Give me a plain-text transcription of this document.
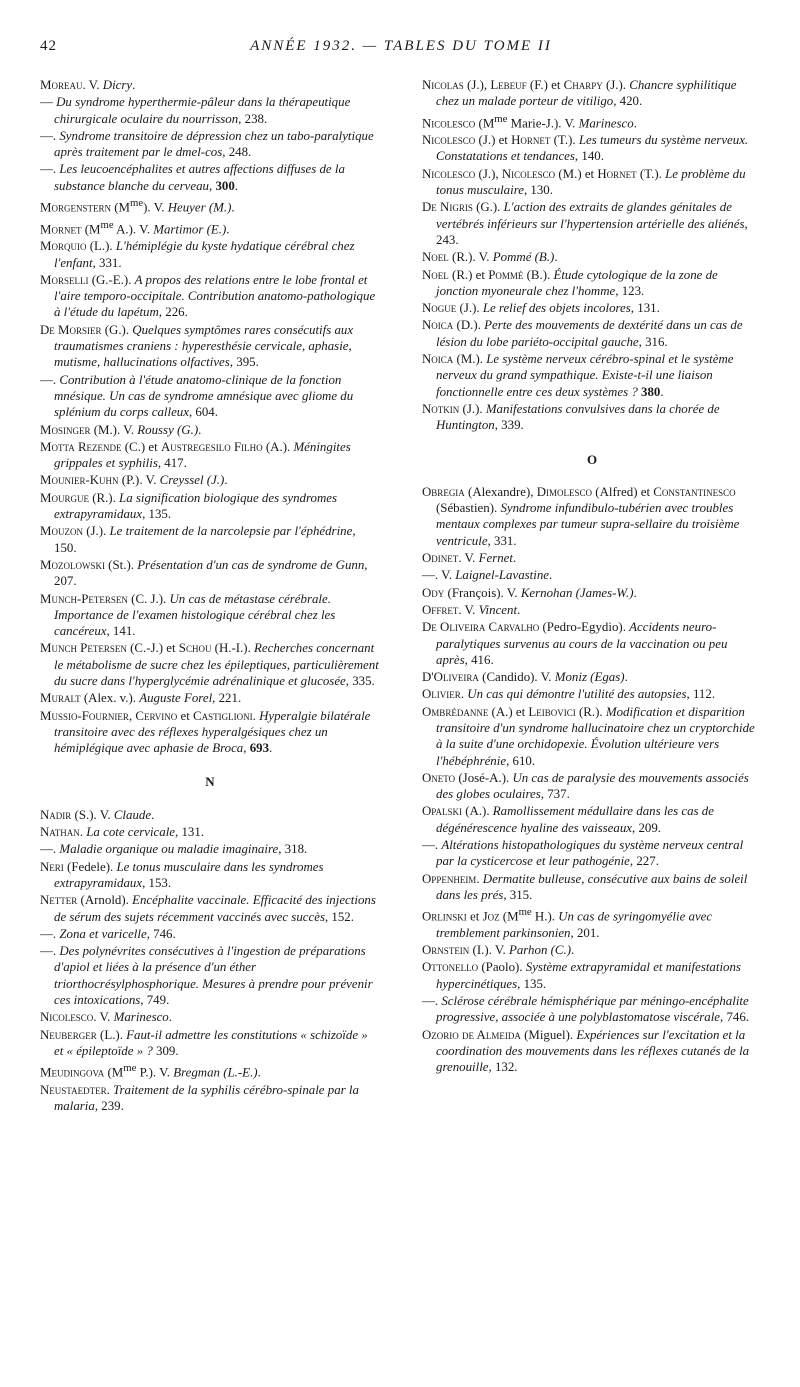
42	ANNÉE 1932. — TABLES DU TOME II

Moreau. V. Dicry.

— Du syndrome hyperthermie-pâleur dans la thérapeutique chirurgicale oculaire du nourrisson, 238.

—. Syndrome transitoire de dépression chez un tabo-paralytique après traitement par le dmel-cos, 248.

—. Les leucoencéphalites et autres affections diffuses de la substance blanche du cerveau, 300.

Morgenstern $(M^{me})$. V. Heuyer (M.).

Mornet ($M^{me}$ A.). V. Martimor (E.).

Morquio (L.). L'hémiplégie du kyste hydatique cérébral chez l'enfant, 331.

Morselli (G.-E.). A propos des relations entre le lobe frontal et l'aire temporo-occipitale. Contribution anatomo-pathologique à l'étude du lapétum, 226.

De Morsier (G.). Quelques symptômes rares consécutifs aux traumatismes craniens : hyperesthésie cervicale, aphasie, mutisme, hallucinations olfactives, 395.

—. Contribution à l'étude anatomo-clinique de la fonction mnésique. Un cas de syndrome amnésique avec gliome du splénium du corps calleux, 604.

Mosinger (M.). V. Roussy (G.).

Motta Rezende (C.) et Austregesilo Filho (A.). Méningites grippales et syphilis, 417.

Mounier-Kuhn (P.). V. Creyssel (J.).

Mourgue (R.). La signification biologique des syndromes extrapyramidaux, 135.

Mouzon (J.). Le traitement de la narcolepsie par l'éphédrine, 150.

Mozolowski (St.). Présentation d'un cas de syndrome de Gunn, 207.

Munch-Petersen (C. J.). Un cas de métastase cérébrale. Importance de l'examen histologique cérébral chez les cancéreux, 141.

Munch Petersen (C.-J.) et Schou (H.-I.). Recherches concernant le métabolisme de sucre chez les épileptiques, particulièrement du sucre dans l'hyperglycémie adrénalinique et glucosée, 335.

Muralt (Alex. v.). Auguste Forel, 221.

Mussio-Fournier, Cervino et Castiglioni. Hyperalgie bilatérale transitoire avec des réflexes hyperalgésiques chez un hémiplégique avec aphasie de Broca, 693.

N

Nadir (S.). V. Claude.

Nathan. La cote cervicale, 131.

—. Maladie organique ou maladie imaginaire, 318.

Neri (Fedele). Le tonus musculaire dans les syndromes extrapyramidaux, 153.

Netter (Arnold). Encéphalite vaccinale. Efficacité des injections de sérum des sujets récemment vaccinés avec succès, 152.

—. Zona et varicelle, 746.

—. Des polynévrites consécutives à l'ingestion de préparations d'apiol et liées à la présence d'un éther triorthocrésylphosphorique. Mesures à prendre pour prévenir ces intoxications, 749.

Nicolesco. V. Marinesco.

Neuberger (L.). Faut-il admettre les constitutions « schizoïde » et « épileptoïde » ? 309.

Meudingova ($M^{me}$ P.). V. Bregman (L.-E.).

Neustaedter. Traitement de la syphilis cérébro-spinale par la malaria, 239.

Nicolas (J.), Lebeuf (F.) et Charpy (J.). Chancre syphilitique chez un malade porteur de vitiligo, 420.

Nicolesco ($M^{me}$ Marie-J.). V. Marinesco.

Nicolesco (J.) et Hornet (T.). Les tumeurs du système nerveux. Constatations et tendances, 140.

Nicolesco (J.), Nicolesco (M.) et Hornet (T.). Le problème du tonus musculaire, 130.

De Nigris (G.). L'action des extraits de glandes génitales de vertébrés inférieurs sur l'hypertension artérielle des aliénés, 243.

Noel (R.). V. Pommé (B.).

Noel (R.) et Pommé (B.). Étude cytologique de la zone de jonction myoneurale chez l'homme, 123.

Nogue (J.). Le relief des objets incolores, 131.

Noica (D.). Perte des mouvements de dextérité dans un cas de lésion du lobe pariéto-occipital gauche, 316.

Noica (M.). Le système nerveux cérébro-spinal et le système nerveux du grand sympathique. Existe-t-il une liaison fonctionnelle entre ces deux systèmes ? 380.

Notkin (J.). Manifestations convulsives dans la chorée de Huntington, 339.

O

Obregia (Alexandre), Dimolesco (Alfred) et Constantinesco (Sébastien). Syndrome infundibulo-tubérien avec troubles mentaux complexes par tumeur supra-sellaire du troisième ventricule, 331.

Odinet. V. Fernet.

—. V. Laignel-Lavastine.

Ody (François). V. Kernohan (James-W.).

Offret. V. Vincent.

De Oliveira Carvalho (Pedro-Egydio). Accidents neuro-paralytiques survenus au cours de la vaccination ou peu après, 416.

D'Oliveira (Candido). V. Moniz (Egas).

Olivier. Un cas qui démontre l'utilité des autopsies, 112.

Ombrédanne (A.) et Leibovici (R.). Modification et disparition transitoire d'un syndrome hallucinatoire chez un cryptorchide à la suite d'une orchidopexie. Évolution ultérieure vers l'hébéphrénie, 610.

Oneto (José-A.). Un cas de paralysie des mouvements associés des globes oculaires, 737.

Opalski (A.). Ramollissement médullaire dans les cas de dégénérescence hyaline des vaisseaux, 209.

—. Altérations histopathologiques du système nerveux central par la cysticercose et leur pathogénie, 227.

Oppenheim. Dermatite bulleuse, consécutive aux bains de soleil dans les prés, 315.

Orlinski et Joz ($M^{me}$ H.). Un cas de syringomyélie avec tremblement parkinsonien, 201.

Ornstein (I.). V. Parhon (C.).

Ottonello (Paolo). Système extrapyramidal et manifestations hypercinétiques, 135.

—. Sclérose cérébrale hémisphérique par méningo-encéphalite progressive, associée à une polyblastomatose viscérale, 746.

Ozorio de Almeida (Miguel). Expériences sur l'excitation et la coordination des mouvements dans les réflexes cutanés de la grenouille, 132.
